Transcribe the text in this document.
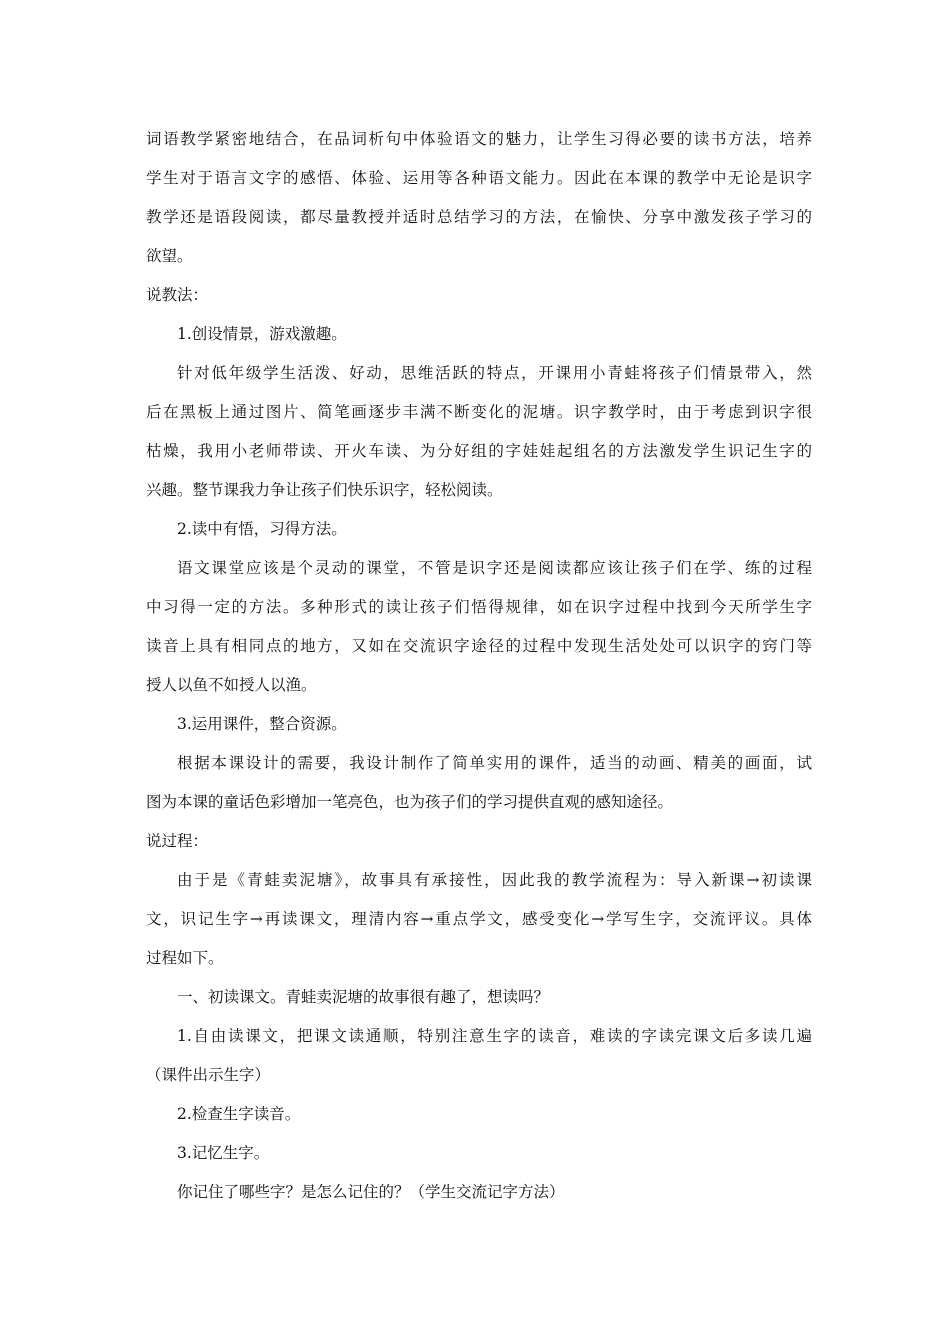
词语教学紧密地结合，在品词析句中体验语文的魅力，让学生习得必要的读书方法，培养
学生对于语言文字的感悟、体验、运用等各种语文能力。因此在本课的教学中无论是识字
教学还是语段阅读，都尽量教授并适时总结学习的方法，在愉快、分享中激发孩子学习的
欲望。
说教法：
1.创设情景，游戏激趣。
针对低年级学生活泼、好动，思维活跃的特点，开课用小青蛙将孩子们情景带入，然
后在黑板上通过图片、简笔画逐步丰满不断变化的泥塘。识字教学时，由于考虑到识字很
枯燥，我用小老师带读、开火车读、为分好组的字娃娃起组名的方法激发学生识记生字的
兴趣。整节课我力争让孩子们快乐识字，轻松阅读。
2.读中有悟，习得方法。
语文课堂应该是个灵动的课堂，不管是识字还是阅读都应该让孩子们在学、练的过程
中习得一定的方法。多种形式的读让孩子们悟得规律，如在识字过程中找到今天所学生字
读音上具有相同点的地方，又如在交流识字途径的过程中发现生活处处可以识字的窍门等
授人以鱼不如授人以渔。
3.运用课件，整合资源。
根据本课设计的需要，我设计制作了简单实用的课件，适当的动画、精美的画面，试
图为本课的童话色彩增加一笔亮色，也为孩子们的学习提供直观的感知途径。
说过程：
由于是《青蛙卖泥塘》，故事具有承接性，因此我的教学流程为：导入新课→初读课
文，识记生字→再读课文，理清内容→重点学文，感受变化→学写生字，交流评议。具体
过程如下。
一、初读课文。青蛙卖泥塘的故事很有趣了，想读吗？
1.自由读课文，把课文读通顺，特别注意生字的读音，难读的字读完课文后多读几遍
（课件出示生字）
2.检查生字读音。
3.记忆生字。
你记住了哪些字？是怎么记住的？（学生交流记字方法）
